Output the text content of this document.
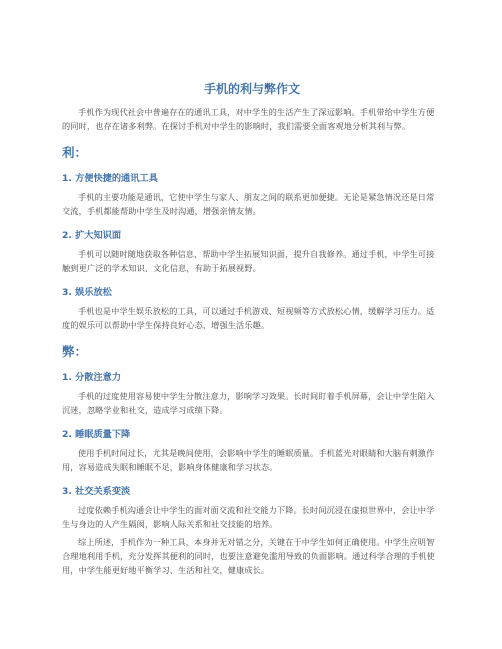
手机的利与弊作文

手机作为现代社会中普遍存在的通讯工具，对中学生的生活产生了深远影响。手机带给中学生方便的同时，也存在诸多利弊。在探讨手机对中学生的影响时，我们需要全面客观地分析其利与弊。

利：
1. 方便快捷的通讯工具

手机的主要功能是通讯，它使中学生与家人、朋友之间的联系更加便捷。无论是紧急情况还是日常交流，手机都能帮助中学生及时沟通，增强亲情友情。

2. 扩大知识面

手机可以随时随地获取各种信息，帮助中学生拓展知识面，提升自我修养。通过手机，中学生可接触到更广泛的学术知识、文化信息，有助于拓展视野。

3. 娱乐放松

手机也是中学生娱乐放松的工具，可以通过手机游戏、短视频等方式放松心情，缓解学习压力。适度的娱乐可以帮助中学生保持良好心态，增强生活乐趣。

弊：
1. 分散注意力

手机的过度使用容易使中学生分散注意力，影响学习效果。长时间盯着手机屏幕，会让中学生陷入沉迷，忽略学业和社交，造成学习成绩下降。

2. 睡眠质量下降

使用手机时间过长，尤其是晚间使用，会影响中学生的睡眠质量。手机蓝光对眼睛和大脑有刺激作用，容易造成失眠和睡眠不足，影响身体健康和学习状态。

3. 社交关系变淡

过度依赖手机沟通会让中学生的面对面交流和社交能力下降。长时间沉浸在虚拟世界中，会让中学生与身边的人产生隔阂，影响人际关系和社交技能的培养。

综上所述，手机作为一种工具，本身并无对错之分，关键在于中学生如何正确使用。中学生应明智合理地利用手机，充分发挥其便利的同时，也要注意避免滥用导致的负面影响。通过科学合理的手机使用，中学生能更好地平衡学习、生活和社交，健康成长。
